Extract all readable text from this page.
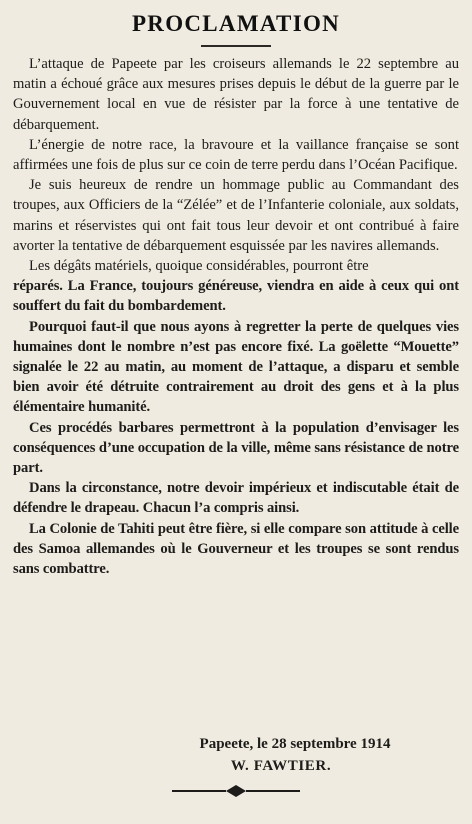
PROCLAMATION

L’attaque de Papeete par les croiseurs allemands le 22 septembre au matin a échoué grâce aux mesures prises depuis le début de la guerre par le Gouvernement local en vue de résister par la force à une tentative de débarquement.

L’énergie de notre race, la bravoure et la vaillance française se sont affirmées une fois de plus sur ce coin de terre perdu dans l’Océan Pacifique.

Je suis heureux de rendre un hommage public au Commandant des troupes, aux Officiers de la “Zélée” et de l’Infanterie coloniale, aux soldats, marins et réservistes qui ont fait tous leur devoir et ont contribué à faire avorter la tentative de débarquement esquissée par les navires allemands.

Les dégâts matériels, quoique considérables, pourront être

réparés. La France, toujours généreuse, viendra en aide à ceux qui ont souffert du fait du bombardement.

Pourquoi faut-il que nous ayons à regretter la perte de quelques vies humaines dont le nombre n’est pas encore fixé. La goëlette “Mouette” signalée le 22 au matin, au moment de l’attaque, a disparu et semble bien avoir été détruite contrairement au droit des gens et à la plus élémentaire humanité.

Ces procédés barbares permettront à la population d’envisager les conséquences d’une occupation de la ville, même sans résistance de notre part.

Dans la circonstance, notre devoir impérieux et indiscutable était de défendre le drapeau. Chacun l’a compris ainsi.

La Colonie de Tahiti peut être fière, si elle compare son attitude à celle des Samoa allemandes où le Gouverneur et les troupes se sont rendus sans combattre.

Papeete, le 28 septembre 1914
W. FAWTIER.
